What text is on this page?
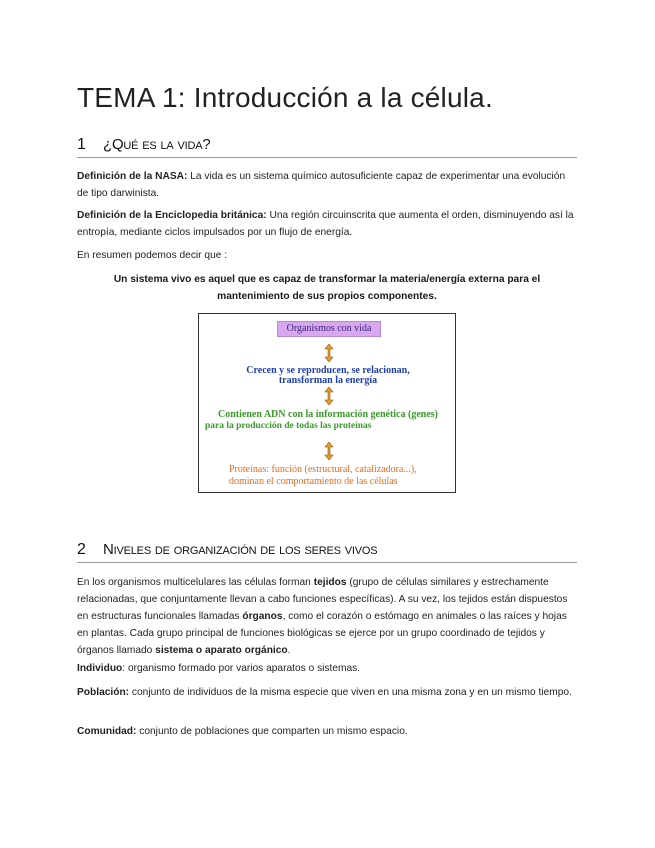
TEMA 1: Introducción a la célula.
1 ¿Qué es la vida?

Definición de la NASA: La vida es un sistema químico autosuficiente capaz de experimentar una evolución de tipo darwinista.

Definición de la Enciclopedia británica: Una región circuinscrita que aumenta el orden, disminuyendo así la entropía, mediante ciclos impulsados por un flujo de energía.

En resumen podemos decir que :

Un sistema vivo es aquel que es capaz de transformar la materia/energía externa para el

mantenimiento de sus propios componentes.

Organismos con vida
Crecen y se reproducen, se relacionan,
transforman la energía
Contienen ADN con la información genética (genes)
para la producción de todas las proteínas
Proteínas: función (estructural, catalizadora...),
dominan el comportamiento de las células
2 Niveles de organización de los seres vivos

En los organismos multicelulares las células forman tejidos (grupo de células similares y estrechamente relacionadas, que conjuntamente llevan a cabo funciones específicas). A su vez, los tejidos están dispuestos en estructuras funcionales llamadas órganos, como el corazón o estómago en animales o las raíces y hojas en plantas. Cada grupo principal de funciones biológicas se ejerce por un grupo coordinado de tejidos y órganos llamado sistema o aparato orgánico.

Individuo: organismo formado por varios aparatos o sistemas.

Población: conjunto de individuos de la misma especie que viven en una misma zona y en un mismo tiempo.

Comunidad: conjunto de poblaciones que comparten un mismo espacio.
